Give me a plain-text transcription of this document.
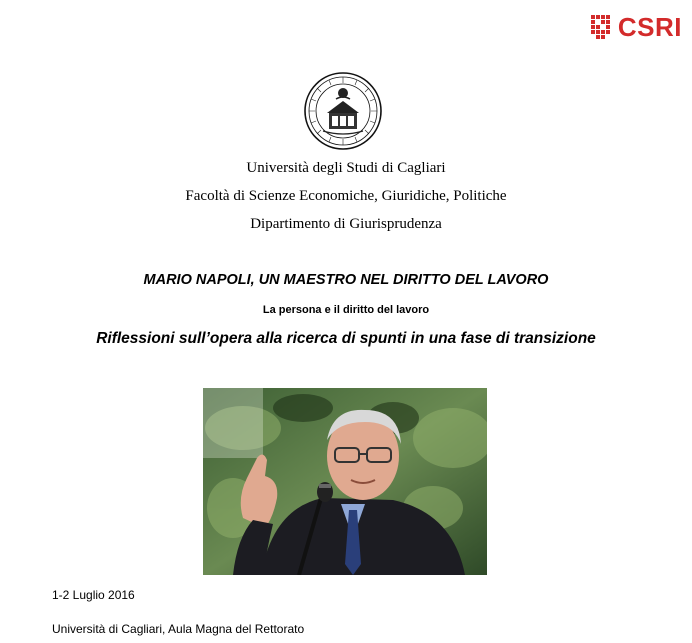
CSRI
Università degli Studi di Cagliari
Facoltà di Scienze Economiche, Giuridiche, Politiche
Dipartimento di Giurisprudenza
MARIO NAPOLI, UN MAESTRO NEL DIRITTO DEL LAVORO
La persona e il diritto del lavoro
Riflessioni sull’opera alla ricerca di spunti in una fase di transizione
1-2 Luglio 2016
Università di Cagliari, Aula Magna del Rettorato
